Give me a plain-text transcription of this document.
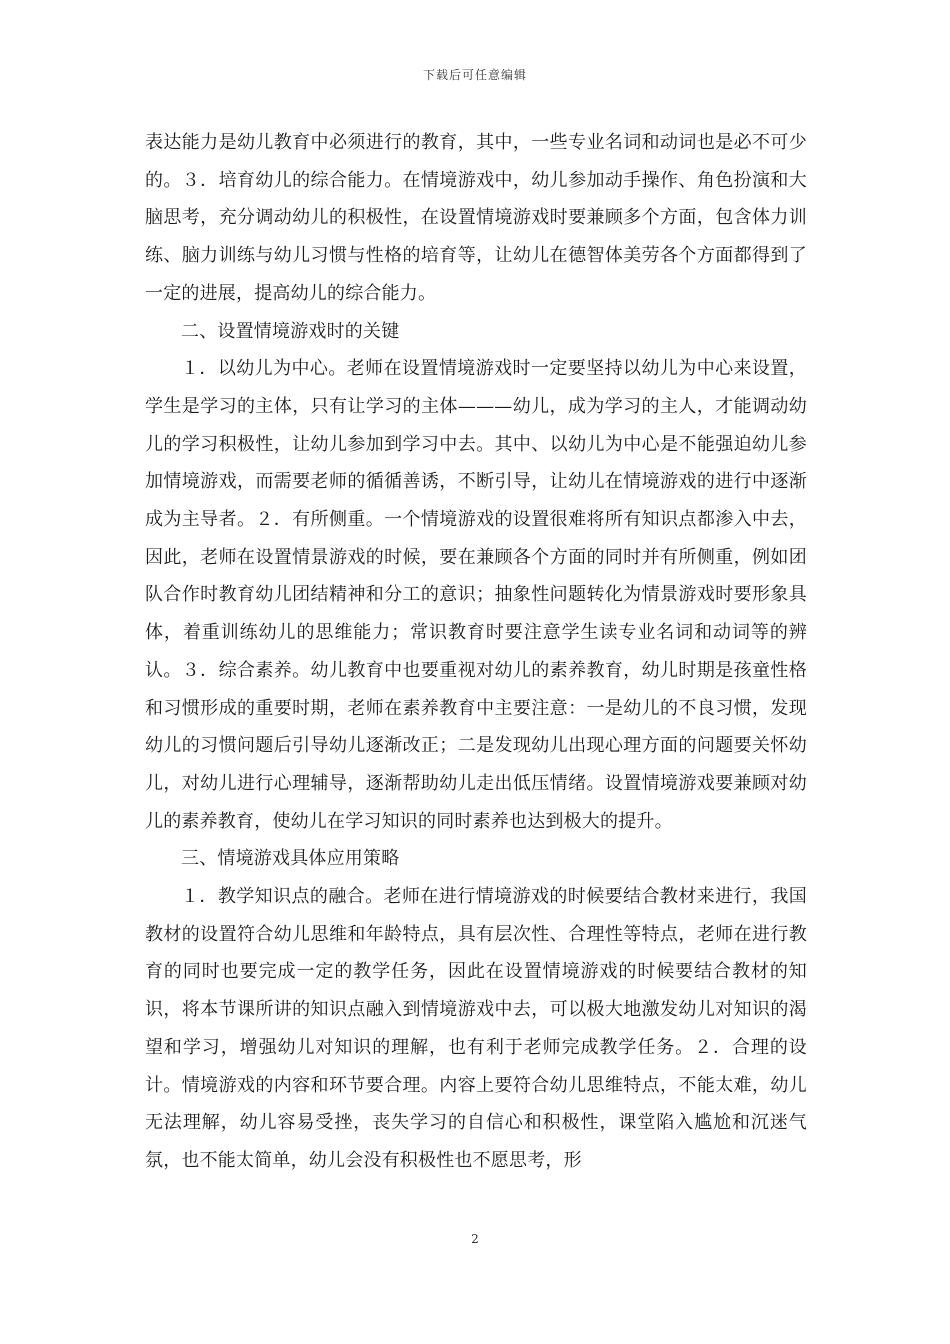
下载后可任意编辑

表达能力是幼儿教育中必须进行的教育，其中，一些专业名词和动词也是必不可少的。３．培育幼儿的综合能力。在情境游戏中，幼儿参加动手操作、角色扮演和大脑思考，充分调动幼儿的积极性，在设置情境游戏时要兼顾多个方面，包含体力训练、脑力训练与幼儿习惯与性格的培育等，让幼儿在德智体美劳各个方面都得到了一定的进展，提高幼儿的综合能力。

二、设置情境游戏时的关键

１．以幼儿为中心。老师在设置情境游戏时一定要坚持以幼儿为中心来设置，学生是学习的主体，只有让学习的主体———幼儿，成为学习的主人，才能调动幼儿的学习积极性，让幼儿参加到学习中去。其中、以幼儿为中心是不能强迫幼儿参加情境游戏，而需要老师的循循善诱，不断引导，让幼儿在情境游戏的进行中逐渐成为主导者。２．有所侧重。一个情境游戏的设置很难将所有知识点都渗入中去，因此，老师在设置情景游戏的时候，要在兼顾各个方面的同时并有所侧重，例如团队合作时教育幼儿团结精神和分工的意识；抽象性问题转化为情景游戏时要形象具体，着重训练幼儿的思维能力；常识教育时要注意学生读专业名词和动词等的辨认。３．综合素养。幼儿教育中也要重视对幼儿的素养教育，幼儿时期是孩童性格和习惯形成的重要时期，老师在素养教育中主要注意：一是幼儿的不良习惯，发现幼儿的习惯问题后引导幼儿逐渐改正；二是发现幼儿出现心理方面的问题要关怀幼儿，对幼儿进行心理辅导，逐渐帮助幼儿走出低压情绪。设置情境游戏要兼顾对幼儿的素养教育，使幼儿在学习知识的同时素养也达到极大的提升。

三、情境游戏具体应用策略

１．教学知识点的融合。老师在进行情境游戏的时候要结合教材来进行，我国教材的设置符合幼儿思维和年龄特点，具有层次性、合理性等特点，老师在进行教育的同时也要完成一定的教学任务，因此在设置情境游戏的时候要结合教材的知识，将本节课所讲的知识点融入到情境游戏中去，可以极大地激发幼儿对知识的渴望和学习，增强幼儿对知识的理解，也有利于老师完成教学任务。２．合理的设计。情境游戏的内容和环节要合理。内容上要符合幼儿思维特点，不能太难，幼儿无法理解，幼儿容易受挫，丧失学习的自信心和积极性，课堂陷入尴尬和沉迷气氛，也不能太简单，幼儿会没有积极性也不愿思考，形

2
